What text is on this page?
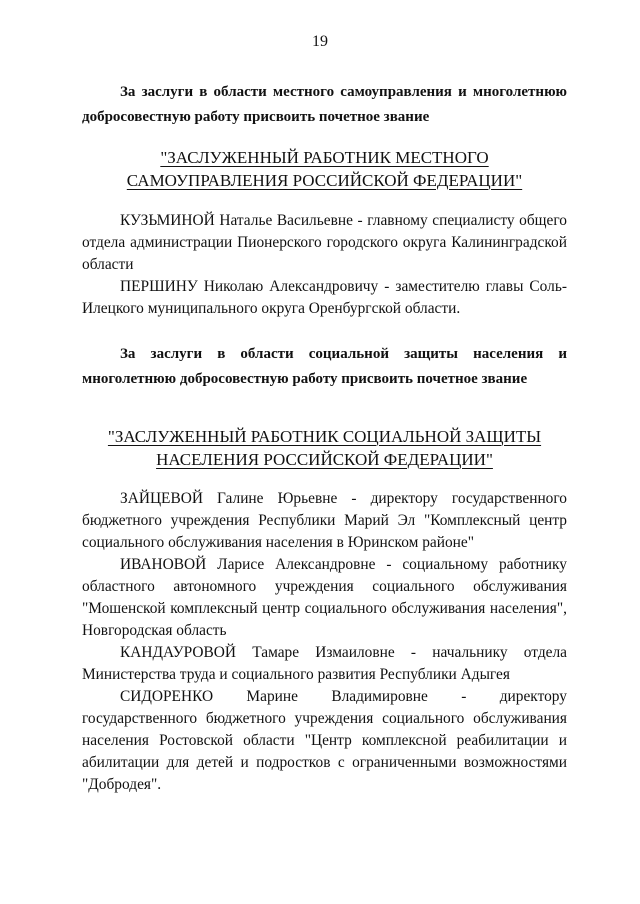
19
За заслуги в области местного самоуправления и многолетнюю добросовестную работу присвоить почетное звание
"ЗАСЛУЖЕННЫЙ РАБОТНИК МЕСТНОГО САМОУПРАВЛЕНИЯ РОССИЙСКОЙ ФЕДЕРАЦИИ"
КУЗЬМИНОЙ Наталье Васильевне - главному специалисту общего отдела администрации Пионерского городского округа Калининградской области
ПЕРШИНУ Николаю Александровичу - заместителю главы Соль-Илецкого муниципального округа Оренбургской области.
За заслуги в области социальной защиты населения и многолетнюю добросовестную работу присвоить почетное звание
"ЗАСЛУЖЕННЫЙ РАБОТНИК СОЦИАЛЬНОЙ ЗАЩИТЫ НАСЕЛЕНИЯ РОССИЙСКОЙ ФЕДЕРАЦИИ"
ЗАЙЦЕВОЙ Галине Юрьевне - директору государственного бюджетного учреждения Республики Марий Эл "Комплексный центр социального обслуживания населения в Юринском районе"
ИВАНОВОЙ Ларисе Александровне - социальному работнику областного автономного учреждения социального обслуживания "Мошенской комплексный центр социального обслуживания населения", Новгородская область
КАНДАУРОВОЙ Тамаре Измаиловне - начальнику отдела Министерства труда и социального развития Республики Адыгея
СИДОРЕНКО Марине Владимировне - директору государственного бюджетного учреждения социального обслуживания населения Ростовской области "Центр комплексной реабилитации и абилитации для детей и подростков с ограниченными возможностями "Добродея".
